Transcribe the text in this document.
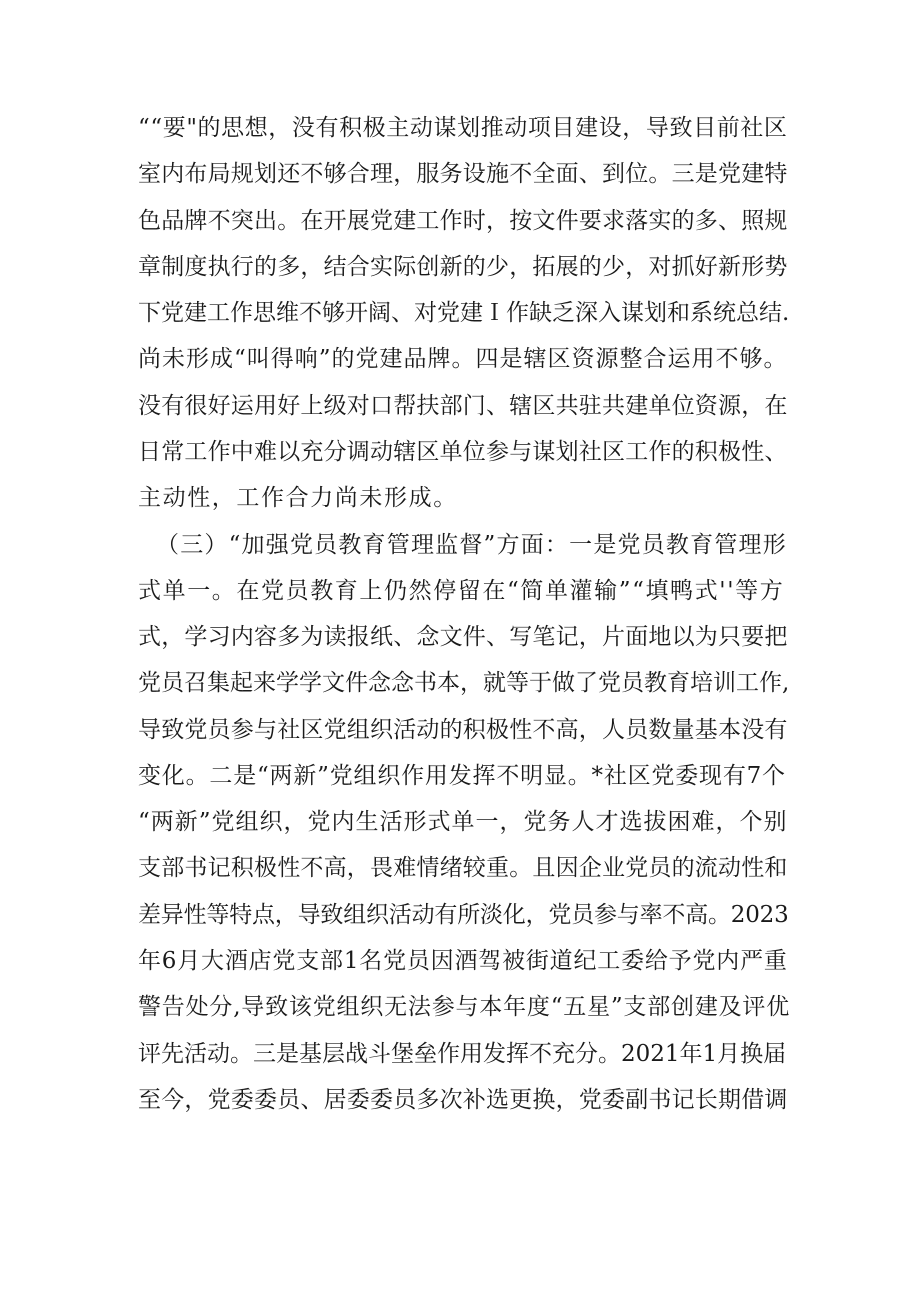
““要"的思想，没有积极主动谋划推动项目建设，导致目前社区
室内布局规划还不够合理，服务设施不全面、到位。三是党建特
色品牌不突出。在开展党建工作时，按文件要求落实的多、照规
章制度执行的多，结合实际创新的少，拓展的少，对抓好新形势
下党建工作思维不够开阔、对党建Ｉ作缺乏深入谋划和系统总结.
尚未形成“叫得响”的党建品牌。四是辖区资源整合运用不够。
没有很好运用好上级对口帮扶部门、辖区共驻共建单位资源，在
日常工作中难以充分调动辖区单位参与谋划社区工作的积极性、
主动性，工作合力尚未形成。
（三）“加强党员教育管理监督”方面：一是党员教育管理形
式单一。在党员教育上仍然停留在“简单灌输”“填鸭式''等方
式，学习内容多为读报纸、念文件、写笔记，片面地以为只要把
党员召集起来学学文件念念书本，就等于做了党员教育培训工作,
导致党员参与社区党组织活动的积极性不高，人员数量基本没有
变化。二是“两新”党组织作用发挥不明显。*社区党委现有7个
“两新”党组织，党内生活形式单一，党务人才选拔困难，个别
支部书记积极性不高，畏难情绪较重。且因企业党员的流动性和
差异性等特点，导致组织活动有所淡化，党员参与率不高。2023
年6月大酒店党支部1名党员因酒驾被街道纪工委给予党内严重
警告处分,导致该党组织无法参与本年度“五星”支部创建及评优
评先活动。三是基层战斗堡垒作用发挥不充分。2021年1月换届
至今，党委委员、居委委员多次补选更换，党委副书记长期借调
